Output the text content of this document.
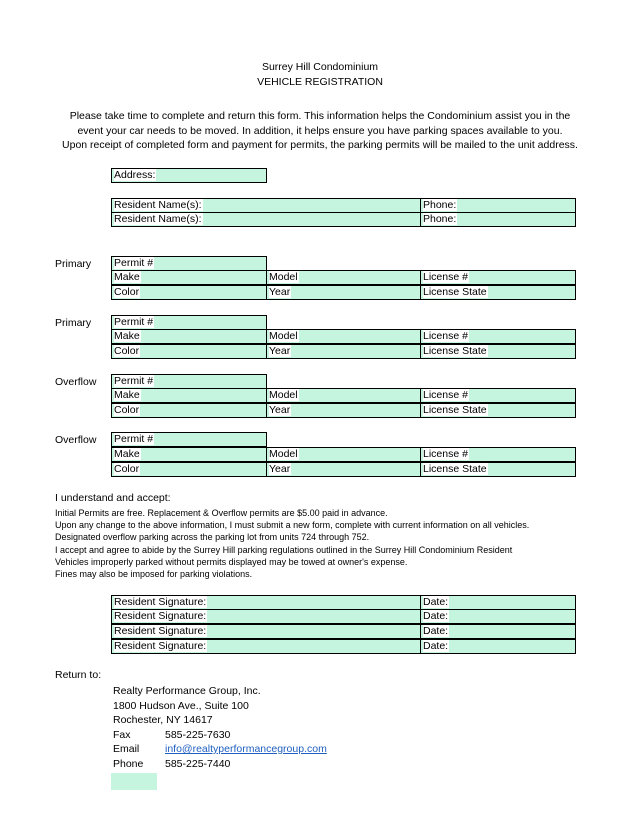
Surrey Hill Condominium
VEHICLE REGISTRATION
Please take time to complete and return this form. This information helps the Condominium assist you in the
event your car needs to be moved. In addition, it helps ensure you have parking spaces available to you.
Upon receipt of completed form and payment for permits, the parking permits will be mailed to the unit address.
Address:
Resident Name(s):	Phone:
Resident Name(s):	Phone:
Primary Permit #
Make	Model	License #
Color	Year	License State
Primary Permit #
Make	Model	License #
Color	Year	License State
Overflow Permit #
Make	Model	License #
Color	Year	License State
Overflow Permit #
Make	Model	License #
Color	Year	License State
I understand and accept:
Initial Permits are free. Replacement & Overflow permits are $5.00 paid in advance.
Upon any change to the above information, I must submit a new form, complete with current information on all vehicles.
Designated overflow parking across the parking lot from units 724 through 752.
I accept and agree to abide by the Surrey Hill parking regulations outlined in the Surrey Hill Condominium Resident
Vehicles improperly parked without permits displayed may be towed at owner's expense.
Fines may also be imposed for parking violations.
Resident Signature:	Date:
Resident Signature:	Date:
Resident Signature:	Date:
Resident Signature:	Date:
Return to:
Realty Performance Group, Inc.
1800 Hudson Ave., Suite 100
Rochester, NY 14617
Fax	585-225-7630
Email info@realtyperformancegroup.com
Phone 585-225-7440
